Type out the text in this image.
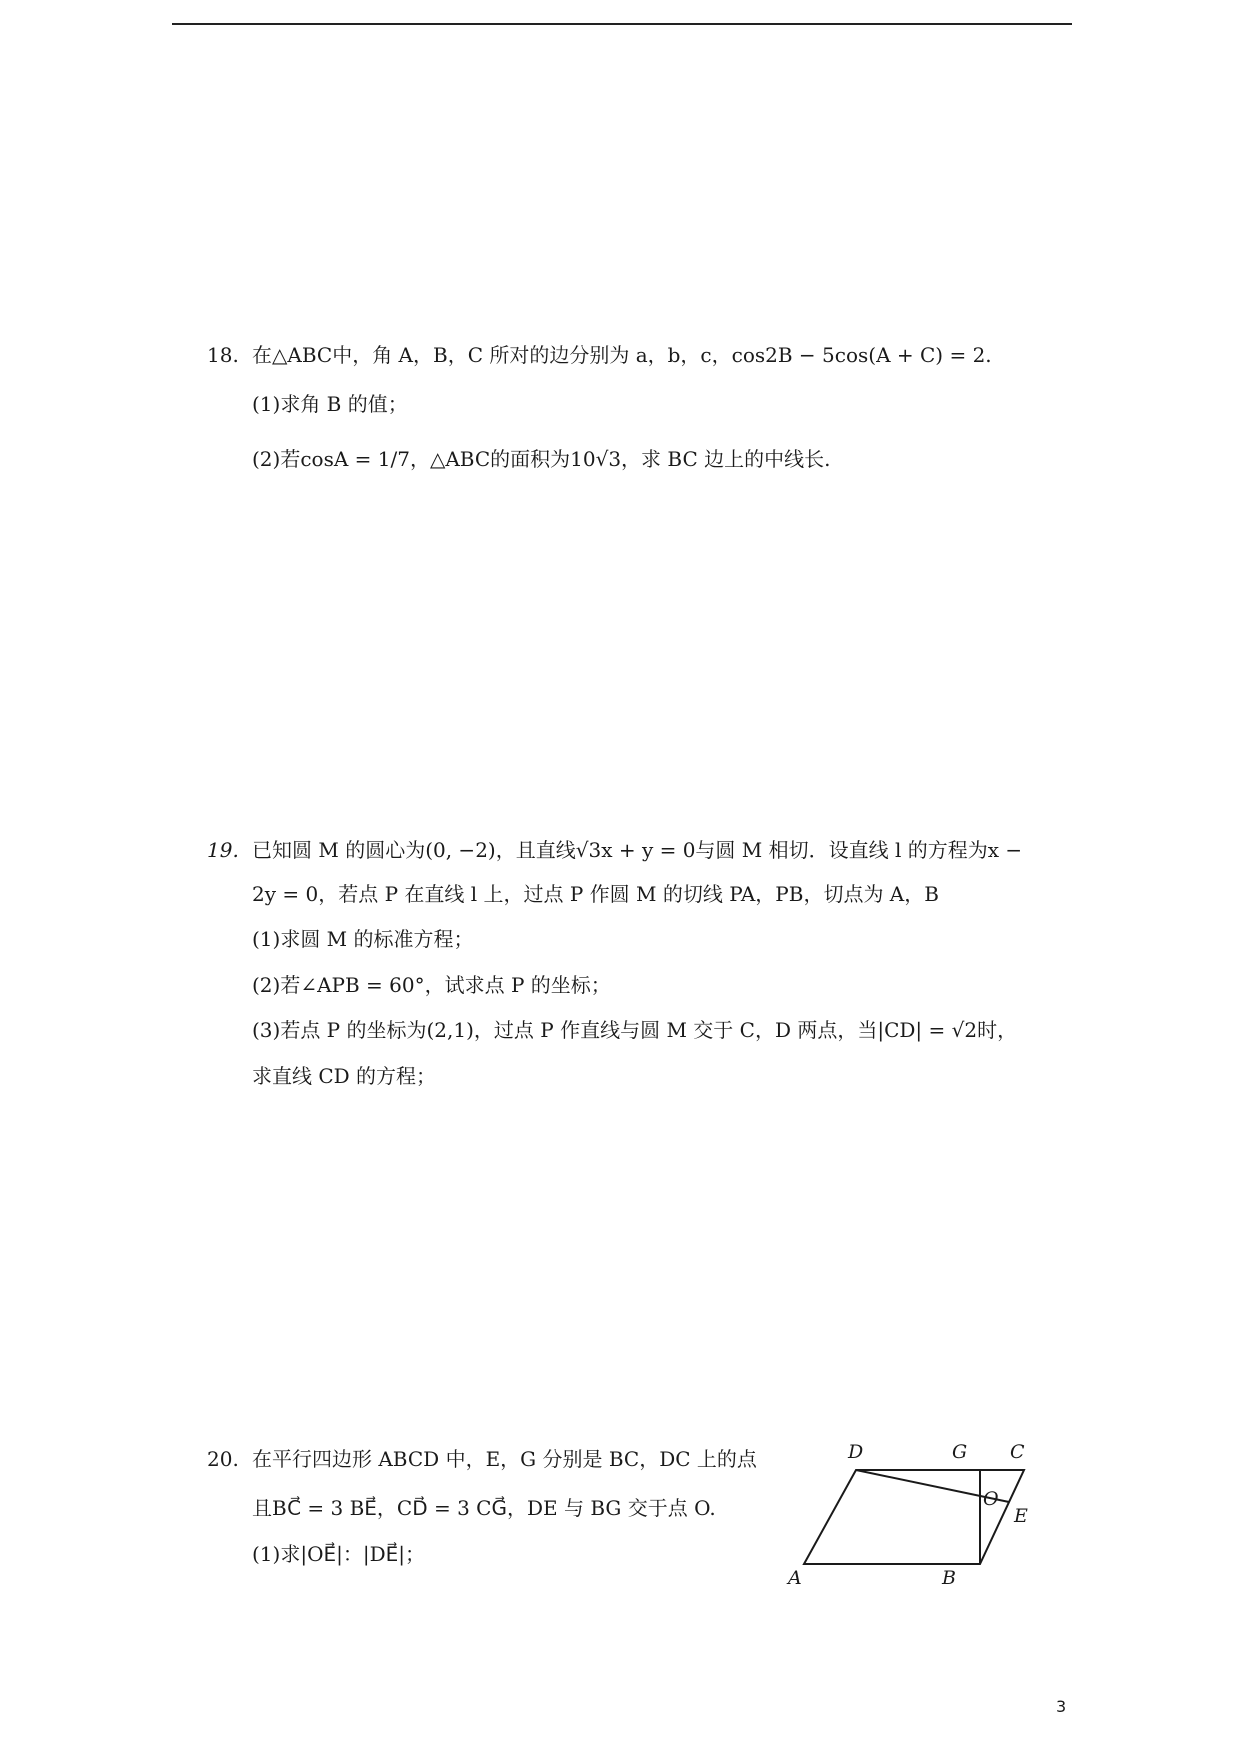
18. 在△ABC中，角 A，B，C 所对的边分别为 a，b，c，cos2B − 5cos(A + C) = 2.
(1)求角 B 的值；
(2)若cosA = 1/7，△ABC的面积为10√3，求 BC 边上的中线长.
19. 已知圆 M 的圆心为(0, −2)，且直线√3x + y = 0与圆 M 相切．设直线 l 的方程为x −
2y = 0，若点 P 在直线 l 上，过点 P 作圆 M 的切线 PA，PB，切点为 A，B
(1)求圆 M 的标准方程；
(2)若∠APB = 60°，试求点 P 的坐标；
(3)若点 P 的坐标为(2,1)，过点 P 作直线与圆 M 交于 C，D 两点，当|CD| = √2时，
求直线 CD 的方程；
20. 在平行四边形 ABCD 中，E，G 分别是 BC，DC 上的点
且BC⃗ = 3 BE⃗，CD⃗ = 3 CG⃗，DE 与 BG 交于点 O.
(1)求|OE⃗|：|DE⃗|；
D	G C
O
E
A	B
3
